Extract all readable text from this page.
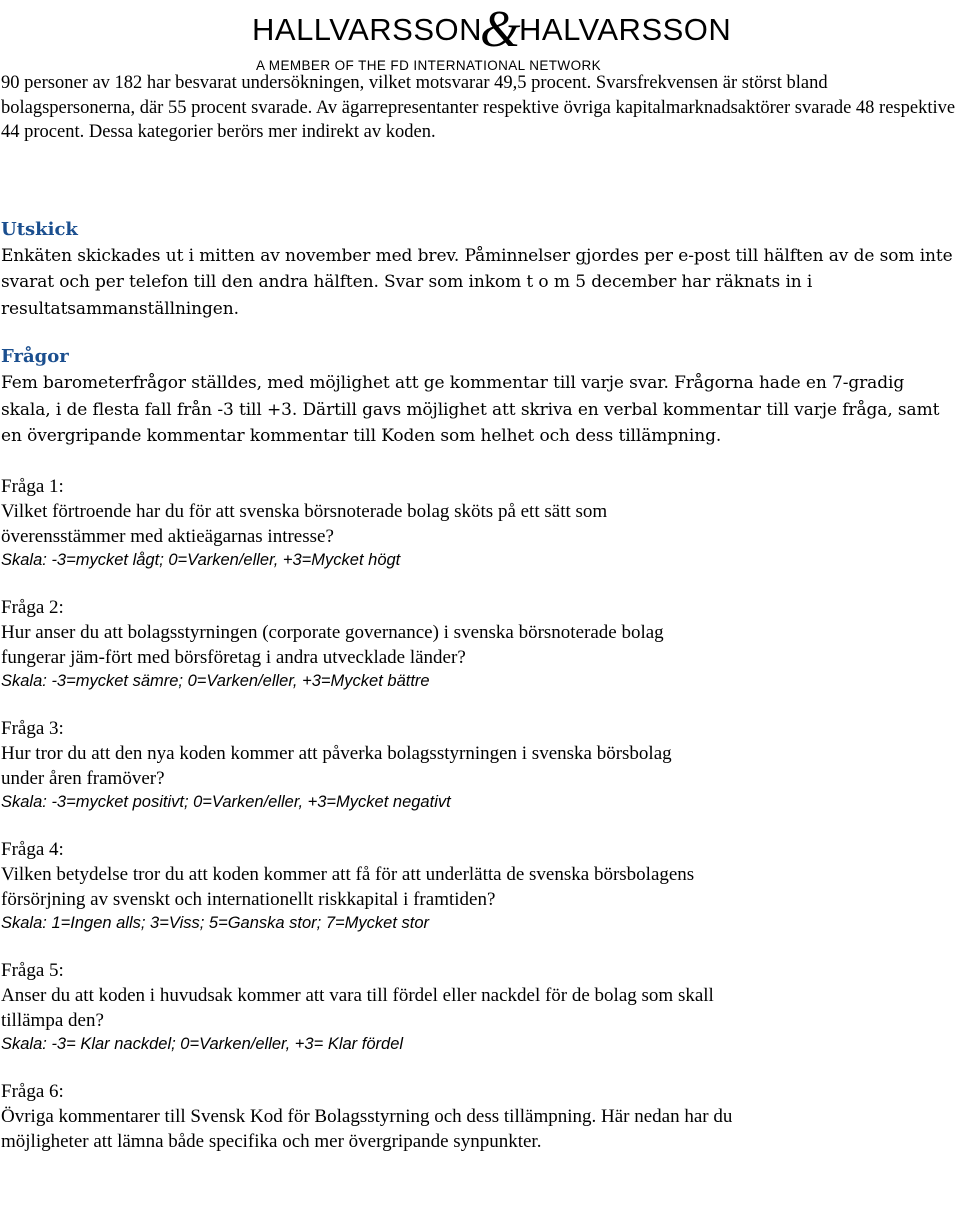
HALLVARSSON&HALVARSSON
A MEMBER OF THE FD INTERNATIONAL NETWORK

90 personer av 182 har besvarat undersökningen, vilket motsvarar 49,5 procent. Svarsfrekvensen är störst bland bolagspersonerna, där 55 procent svarade. Av ägarrepresentanter respektive övriga kapitalmarknadsaktörer svarade 48 respektive 44 procent. Dessa kategorier berörs mer indirekt av koden.

Utskick

Enkäten skickades ut i mitten av november med brev. Påminnelser gjordes per e-post till hälften av de som inte svarat och per telefon till den andra hälften. Svar som inkom t o m 5 december har räknats in i resultatsammanställningen.

Frågor

Fem barometerfrågor ställdes, med möjlighet att ge kommentar till varje svar. Frågorna hade en 7-gradig skala, i de flesta fall från -3 till +3. Därtill gavs möjlighet att skriva en verbal kommentar till varje fråga, samt en övergripande kommentar kommentar till Koden som helhet och dess tillämpning.

Fråga 1:

Vilket förtroende har du för att svenska börsnoterade bolag sköts på ett sätt som

överensstämmer med aktieägarnas intresse?

Skala: -3=mycket lågt; 0=Varken/eller, +3=Mycket högt

Fråga 2:

Hur anser du att bolagsstyrningen (corporate governance) i svenska börsnoterade bolag

fungerar jäm-fört med börsföretag i andra utvecklade länder?

Skala: -3=mycket sämre; 0=Varken/eller, +3=Mycket bättre

Fråga 3:

Hur tror du att den nya koden kommer att påverka bolagsstyrningen i svenska börsbolag

under åren framöver?

Skala: -3=mycket positivt; 0=Varken/eller, +3=Mycket negativt

Fråga 4:

Vilken betydelse tror du att koden kommer att få för att underlätta de svenska börsbolagens

försörjning av svenskt och internationellt riskkapital i framtiden?

Skala: 1=Ingen alls; 3=Viss; 5=Ganska stor; 7=Mycket stor

Fråga 5:

Anser du att koden i huvudsak kommer att vara till fördel eller nackdel för de bolag som skall

tillämpa den?

Skala: -3= Klar nackdel; 0=Varken/eller, +3= Klar fördel

Fråga 6:

Övriga kommentarer till Svensk Kod för Bolagsstyrning och dess tillämpning. Här nedan har du

möjligheter att lämna både specifika och mer övergripande synpunkter.
